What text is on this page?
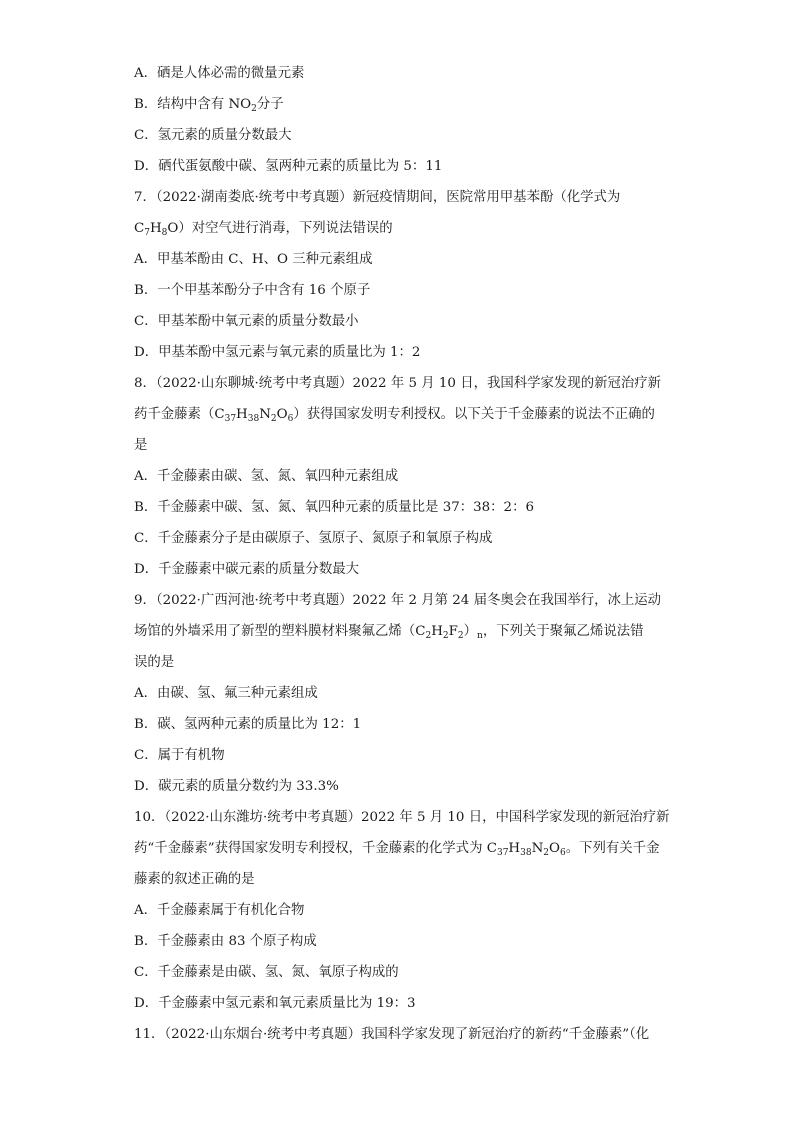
A．硒是人体必需的微量元素
B．结构中含有 $NO_2$分子
C．氢元素的质量分数最大
D．硒代蛋氨酸中碳、氢两种元素的质量比为 5：11
7．（2022·湖南娄底·统考中考真题）新冠疫情期间，医院常用甲基苯酚（化学式为
$C_7H_8O$）对空气进行消毒，下列说法错误的
A．甲基苯酚由 C、H、O 三种元素组成
B．一个甲基苯酚分子中含有 16 个原子
C．甲基苯酚中氧元素的质量分数最小
D．甲基苯酚中氢元素与氧元素的质量比为 1：2
8．（2022·山东聊城·统考中考真题）2022 年 5 月 10 日，我国科学家发现的新冠治疗新
药千金藤素$(C_{37}H_{38}N_2O_6)$获得国家发明专利授权。以下关于千金藤素的说法不正确的
是
A．千金藤素由碳、氢、氮、氧四种元素组成
B．千金藤素中碳、氢、氮、氧四种元素的质量比是 37：38：2：6
C．千金藤素分子是由碳原子、氢原子、氮原子和氧原子构成
D．千金藤素中碳元素的质量分数最大
9．（2022·广西河池·统考中考真题）2022 年 2 月第 24 届冬奥会在我国举行，冰上运动
场馆的外墙采用了新型的塑料膜材料聚氟乙烯$(C_2H_2F_2)_n$，下列关于聚氟乙烯说法错
误的是
A．由碳、氢、氟三种元素组成
B．碳、氢两种元素的质量比为 12：1
C．属于有机物
D．碳元素的质量分数约为 33.3%
10．（2022·山东潍坊·统考中考真题）2022 年 5 月 10 日，中国科学家发现的新冠治疗新
药“千金藤素”获得国家发明专利授权，千金藤素的化学式为 $C_{37}H_{38}N_2O_6$。下列有关千金
藤素的叙述正确的是
A．千金藤素属于有机化合物
B．千金藤素由 83 个原子构成
C．千金藤素是由碳、氢、氮、氧原子构成的
D．千金藤素中氢元素和氧元素质量比为 19：3
11．（2022·山东烟台·统考中考真题）我国科学家发现了新冠治疗的新药“千金藤素”（化
